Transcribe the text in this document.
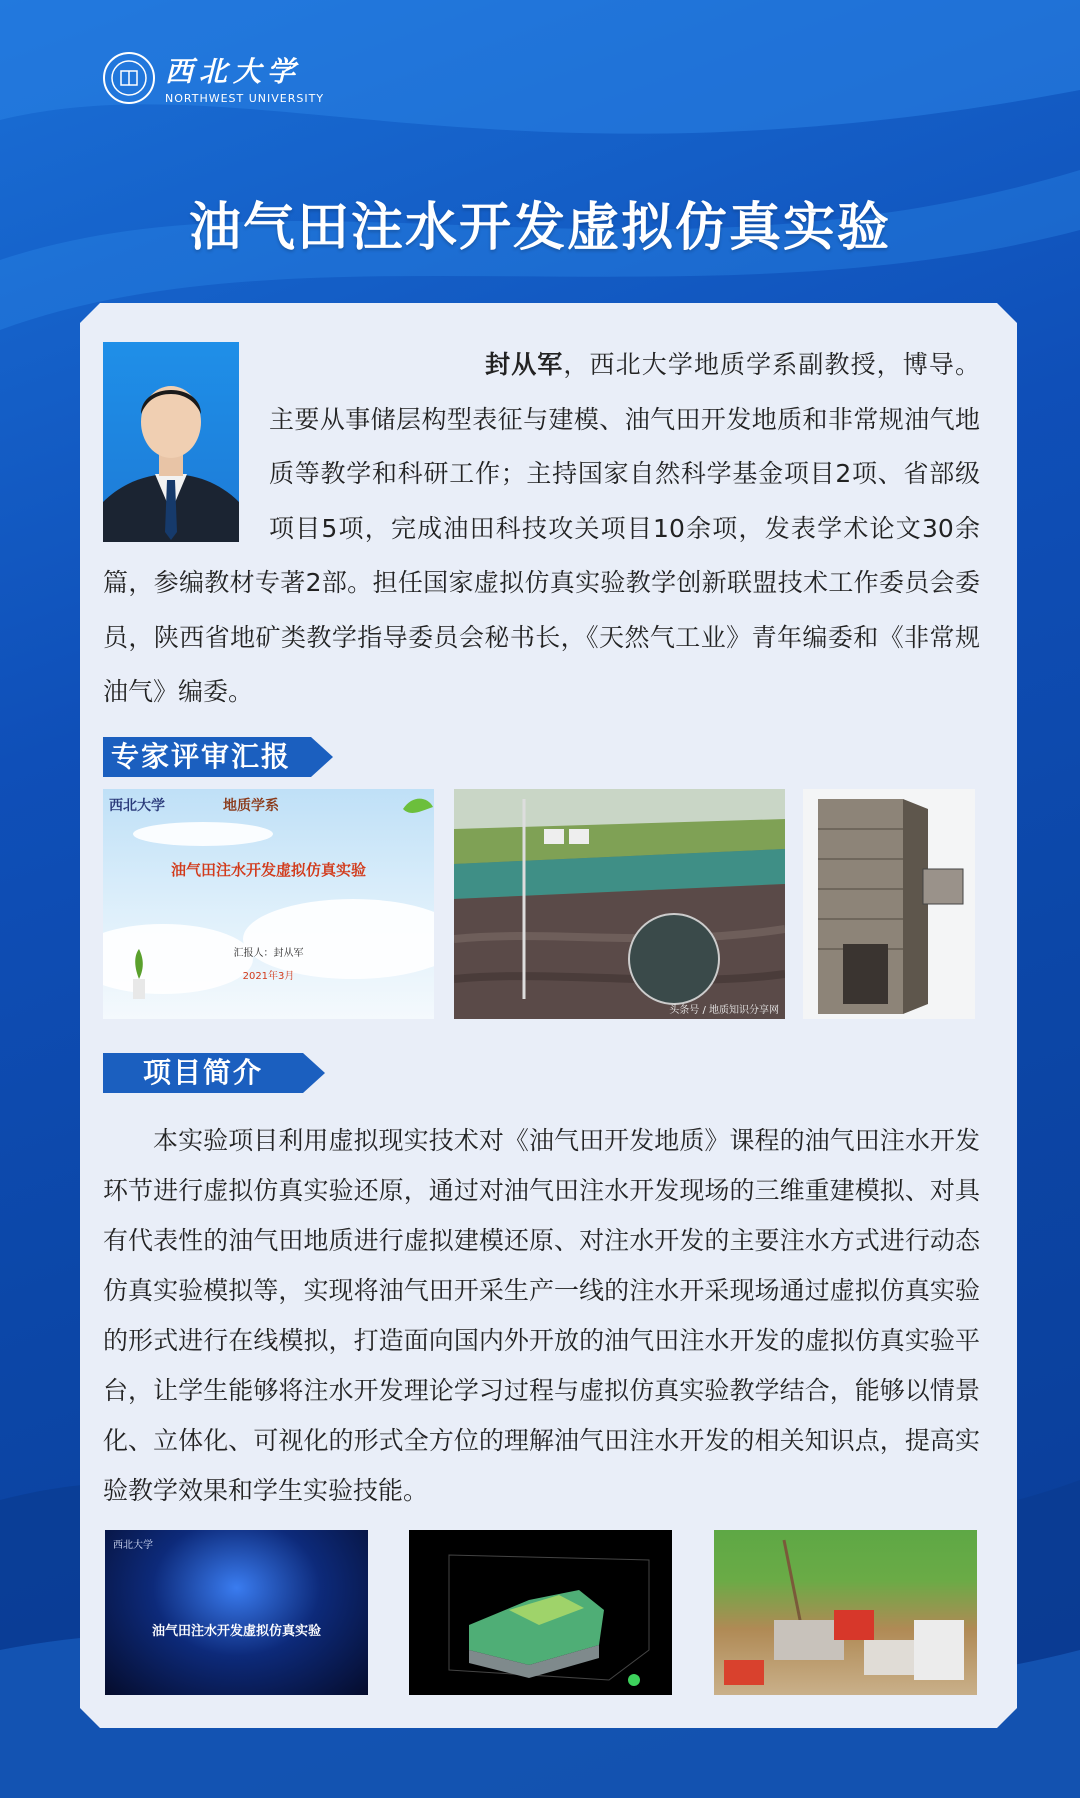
西北大学
NORTHWEST UNIVERSITY
油气田注水开发虚拟仿真实验
封从军，西北大学地质学系副教授，博导。主要从事储层构型表征与建模、油气田开发地质和非常规油气地质等教学和科研工作；主持国家自然科学基金项目2项、省部级项目5项，完成油田科技攻关项目10余项，发表学术论文30余篇，参编教材专著2部。担任国家虚拟仿真实验教学创新联盟技术工作委员会委员，陕西省地矿类教学指导委员会秘书长，《天然气工业》青年编委和《非常规油气》编委。
专家评审汇报
西北大学	地质学系
油气田注水开发虚拟仿真实验
汇报人：封从军
2021年3月
头条号 / 地质知识分享网
项目简介
本实验项目利用虚拟现实技术对《油气田开发地质》课程的油气田注水开发环节进行虚拟仿真实验还原，通过对油气田注水开发现场的三维重建模拟、对具有代表性的油气田地质进行虚拟建模还原、对注水开发的主要注水方式进行动态仿真实验模拟等，实现将油气田开采生产一线的注水开采现场通过虚拟仿真实验的形式进行在线模拟，打造面向国内外开放的油气田注水开发的虚拟仿真实验平台，让学生能够将注水开发理论学习过程与虚拟仿真实验教学结合，能够以情景化、立体化、可视化的形式全方位的理解油气田注水开发的相关知识点，提高实验教学效果和学生实验技能。
西北大学
油气田注水开发虚拟仿真实验
